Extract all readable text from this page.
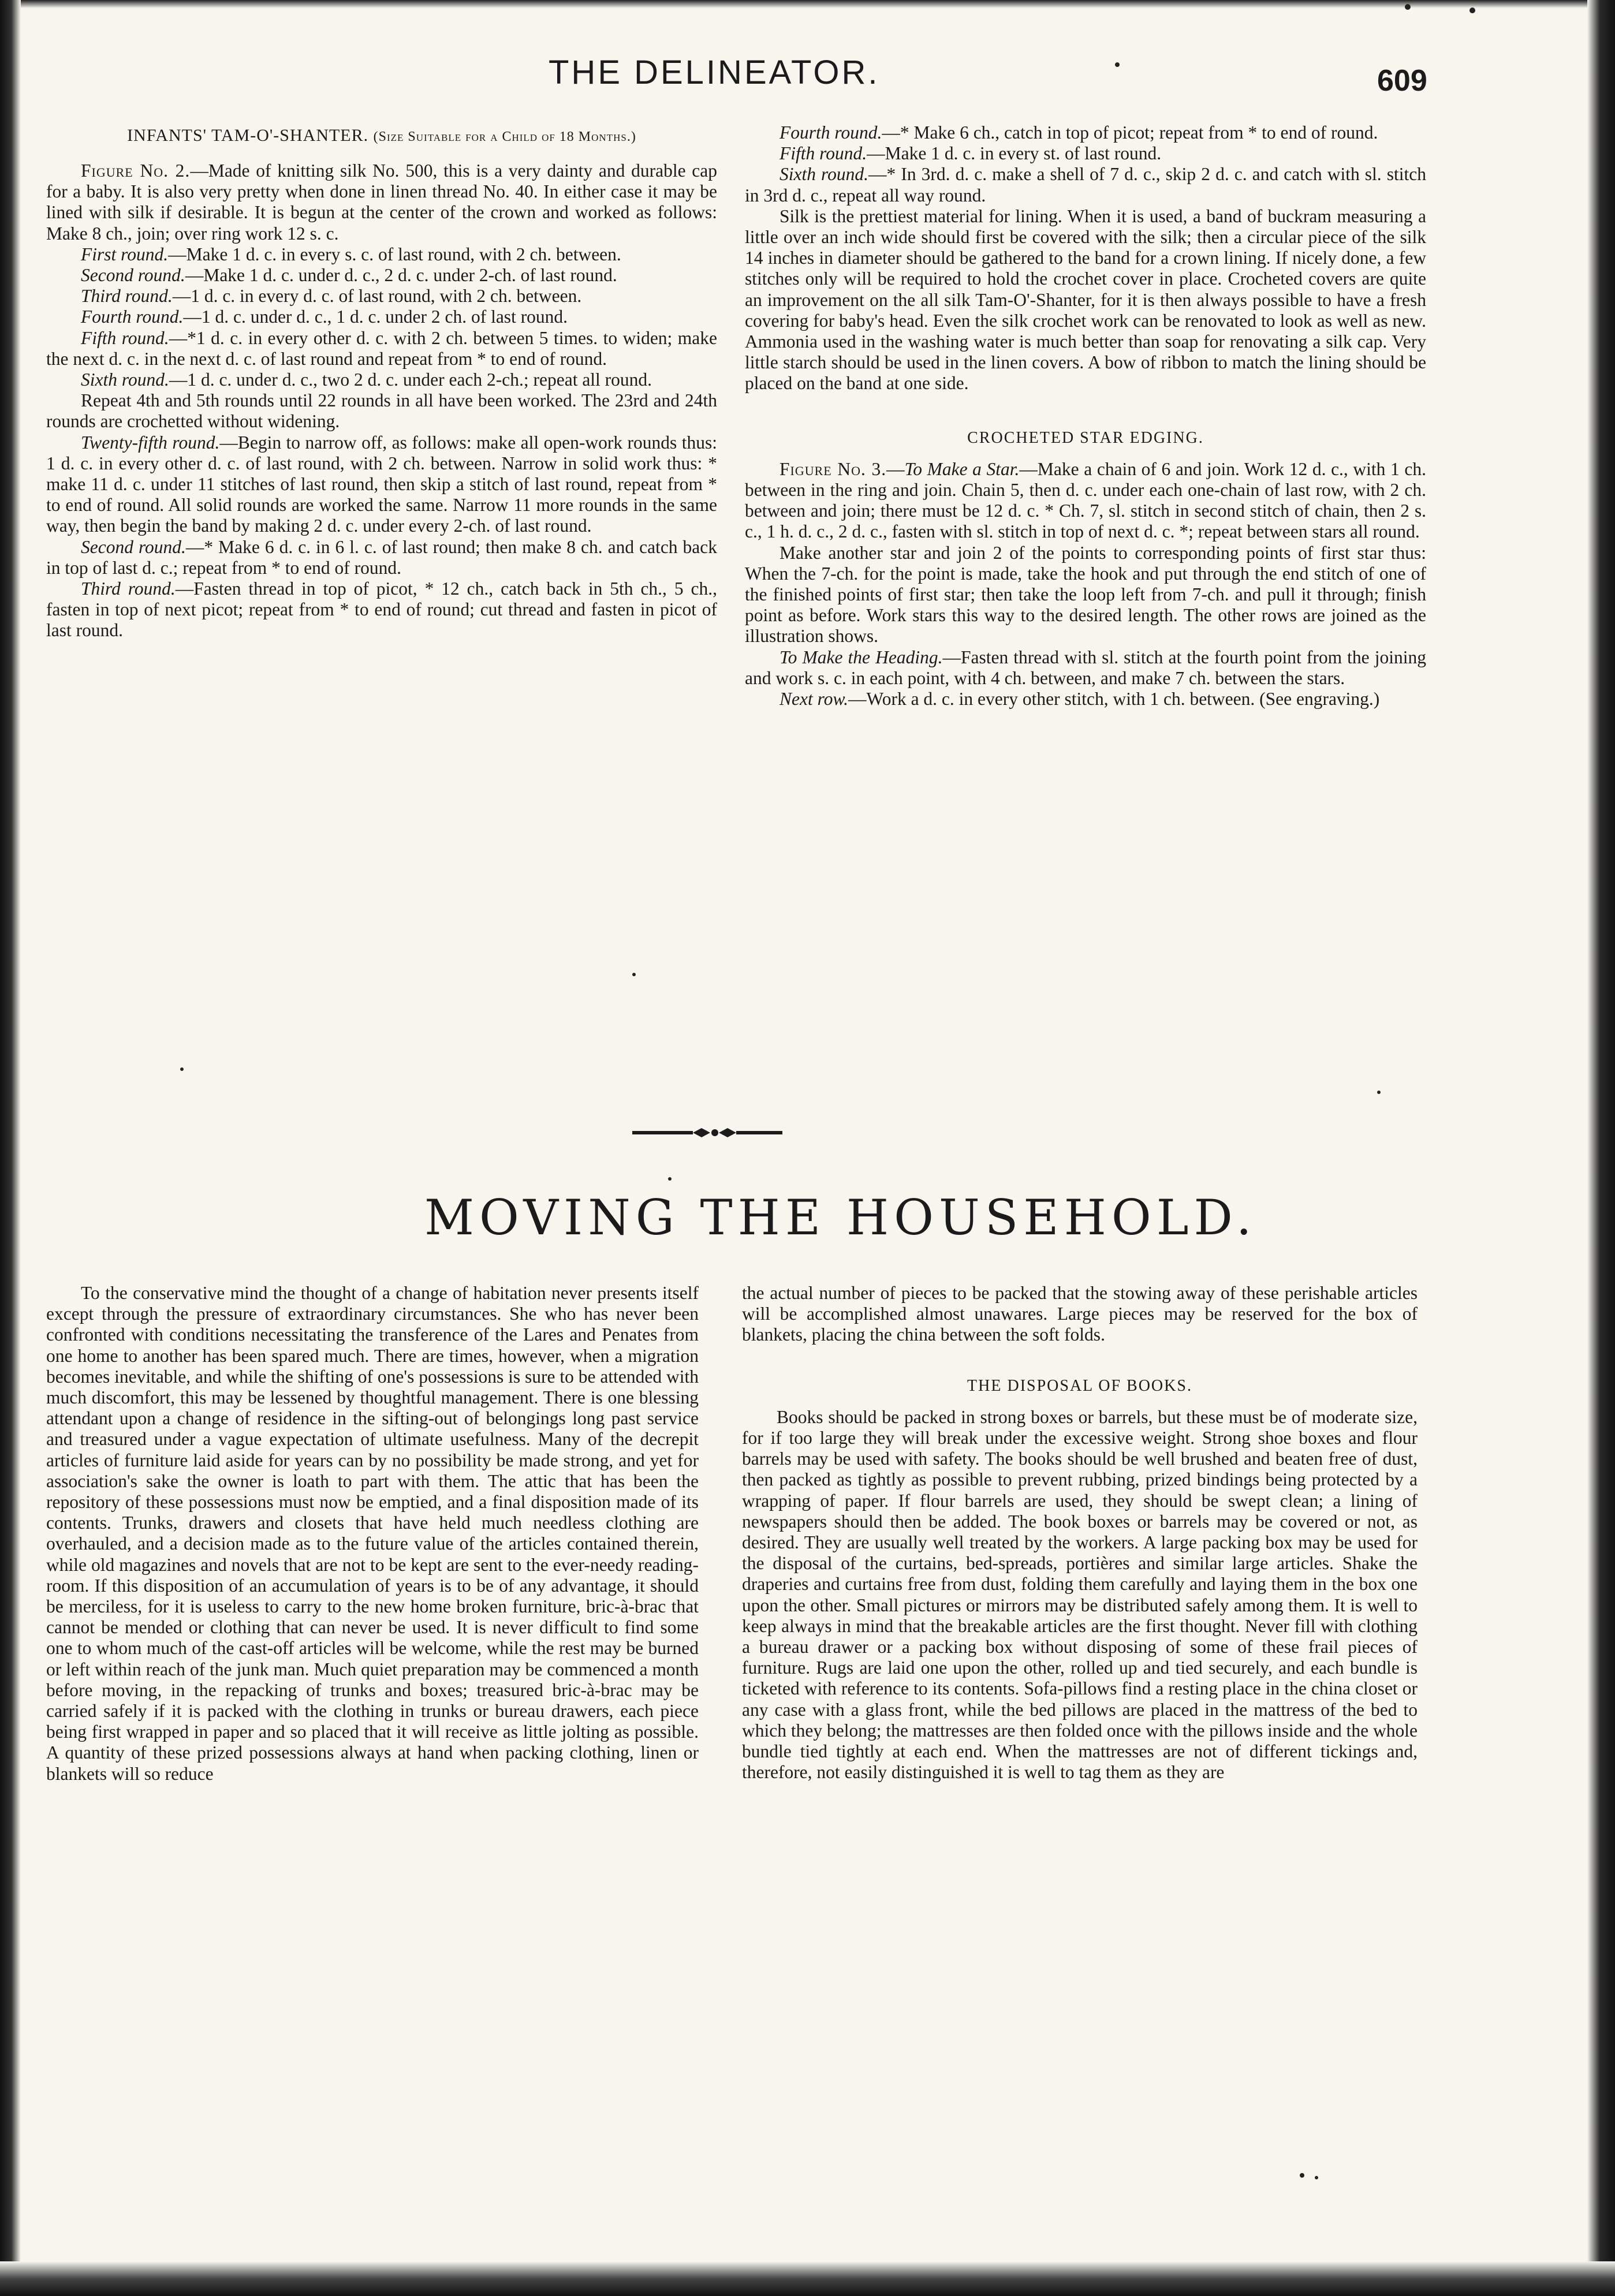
THE DELINEATOR.	609
INFANTS' TAM-O'-SHANTER. (Size Suitable for a Child of 18 Months.)

Figure No. 2.—Made of knitting silk No. 500, this is a very dainty and durable cap for a baby. It is also very pretty when done in linen thread No. 40. In either case it may be lined with silk if desirable. It is begun at the center of the crown and worked as follows: Make 8 ch., join; over ring work 12 s. c.

First round.—Make 1 d. c. in every s. c. of last round, with 2 ch. between.

Second round.—Make 1 d. c. under d. c., 2 d. c. under 2-ch. of last round.

Third round.—1 d. c. in every d. c. of last round, with 2 ch. between.

Fourth round.—1 d. c. under d. c., 1 d. c. under 2 ch. of last round.

Fifth round.—*1 d. c. in every other d. c. with 2 ch. between 5 times. to widen; make the next d. c. in the next d. c. of last round and repeat from * to end of round.

Sixth round.—1 d. c. under d. c., two 2 d. c. under each 2-ch.; repeat all round.

Repeat 4th and 5th rounds until 22 rounds in all have been worked. The 23rd and 24th rounds are crochetted without widening.

Twenty-fifth round.—Begin to narrow off, as follows: make all open-work rounds thus: 1 d. c. in every other d. c. of last round, with 2 ch. between. Narrow in solid work thus: * make 11 d. c. under 11 stitches of last round, then skip a stitch of last round, repeat from * to end of round. All solid rounds are worked the same. Narrow 11 more rounds in the same way, then begin the band by making 2 d. c. under every 2-ch. of last round.

Second round.—* Make 6 d. c. in 6 l. c. of last round; then make 8 ch. and catch back in top of last d. c.; repeat from * to end of round.

Third round.—Fasten thread in top of picot, * 12 ch., catch back in 5th ch., 5 ch., fasten in top of next picot; repeat from * to end of round; cut thread and fasten in picot of last round.

Fourth round.—* Make 6 ch., catch in top of picot; repeat from * to end of round.

Fifth round.—Make 1 d. c. in every st. of last round.

Sixth round.—* In 3rd. d. c. make a shell of 7 d. c., skip 2 d. c. and catch with sl. stitch in 3rd d. c., repeat all way round.

Silk is the prettiest material for lining. When it is used, a band of buckram measuring a little over an inch wide should first be covered with the silk; then a circular piece of the silk 14 inches in diameter should be gathered to the band for a crown lining. If nicely done, a few stitches only will be required to hold the crochet cover in place. Crocheted covers are quite an improvement on the all silk Tam-O'-Shanter, for it is then always possible to have a fresh covering for baby's head. Even the silk crochet work can be renovated to look as well as new. Ammonia used in the washing water is much better than soap for renovating a silk cap. Very little starch should be used in the linen covers. A bow of ribbon to match the lining should be placed on the band at one side.

CROCHETED STAR EDGING.

Figure No. 3.—To Make a Star.—Make a chain of 6 and join. Work 12 d. c., with 1 ch. between in the ring and join. Chain 5, then d. c. under each one-chain of last row, with 2 ch. between and join; there must be 12 d. c. * Ch. 7, sl. stitch in second stitch of chain, then 2 s. c., 1 h. d. c., 2 d. c., fasten with sl. stitch in top of next d. c. *; repeat between stars all round.

Make another star and join 2 of the points to corresponding points of first star thus: When the 7-ch. for the point is made, take the hook and put through the end stitch of one of the finished points of first star; then take the loop left from 7-ch. and pull it through; finish point as before. Work stars this way to the desired length. The other rows are joined as the illustration shows.

To Make the Heading.—Fasten thread with sl. stitch at the fourth point from the joining and work s. c. in each point, with 4 ch. between, and make 7 ch. between the stars.

Next row.—Work a d. c. in every other stitch, with 1 ch. between. (See engraving.)

MOVING THE HOUSEHOLD.

To the conservative mind the thought of a change of habitation never presents itself except through the pressure of extraordinary circumstances. She who has never been confronted with conditions necessitating the transference of the Lares and Penates from one home to another has been spared much. There are times, however, when a migration becomes inevitable, and while the shifting of one's possessions is sure to be attended with much discomfort, this may be lessened by thoughtful management. There is one blessing attendant upon a change of residence in the sifting-out of belongings long past service and treasured under a vague expectation of ultimate usefulness. Many of the decrepit articles of furniture laid aside for years can by no possibility be made strong, and yet for association's sake the owner is loath to part with them. The attic that has been the repository of these possessions must now be emptied, and a final disposition made of its contents. Trunks, drawers and closets that have held much needless clothing are overhauled, and a decision made as to the future value of the articles contained therein, while old magazines and novels that are not to be kept are sent to the ever-needy reading-room. If this disposition of an accumulation of years is to be of any advantage, it should be merciless, for it is useless to carry to the new home broken furniture, bric-à-brac that cannot be mended or clothing that can never be used. It is never difficult to find some one to whom much of the cast-off articles will be welcome, while the rest may be burned or left within reach of the junk man. Much quiet preparation may be commenced a month before moving, in the repacking of trunks and boxes; treasured bric-à-brac may be carried safely if it is packed with the clothing in trunks or bureau drawers, each piece being first wrapped in paper and so placed that it will receive as little jolting as possible. A quantity of these prized possessions always at hand when packing clothing, linen or blankets will so reduce

the actual number of pieces to be packed that the stowing away of these perishable articles will be accomplished almost unawares. Large pieces may be reserved for the box of blankets, placing the china between the soft folds.

THE DISPOSAL OF BOOKS.

Books should be packed in strong boxes or barrels, but these must be of moderate size, for if too large they will break under the excessive weight. Strong shoe boxes and flour barrels may be used with safety. The books should be well brushed and beaten free of dust, then packed as tightly as possible to prevent rubbing, prized bindings being protected by a wrapping of paper. If flour barrels are used, they should be swept clean; a lining of newspapers should then be added. The book boxes or barrels may be covered or not, as desired. They are usually well treated by the workers. A large packing box may be used for the disposal of the curtains, bed-spreads, portières and similar large articles. Shake the draperies and curtains free from dust, folding them carefully and laying them in the box one upon the other. Small pictures or mirrors may be distributed safely among them. It is well to keep always in mind that the breakable articles are the first thought. Never fill with clothing a bureau drawer or a packing box without disposing of some of these frail pieces of furniture. Rugs are laid one upon the other, rolled up and tied securely, and each bundle is ticketed with reference to its contents. Sofa-pillows find a resting place in the china closet or any case with a glass front, while the bed pillows are placed in the mattress of the bed to which they belong; the mattresses are then folded once with the pillows inside and the whole bundle tied tightly at each end. When the mattresses are not of different tickings and, therefore, not easily distinguished it is well to tag them as they are
